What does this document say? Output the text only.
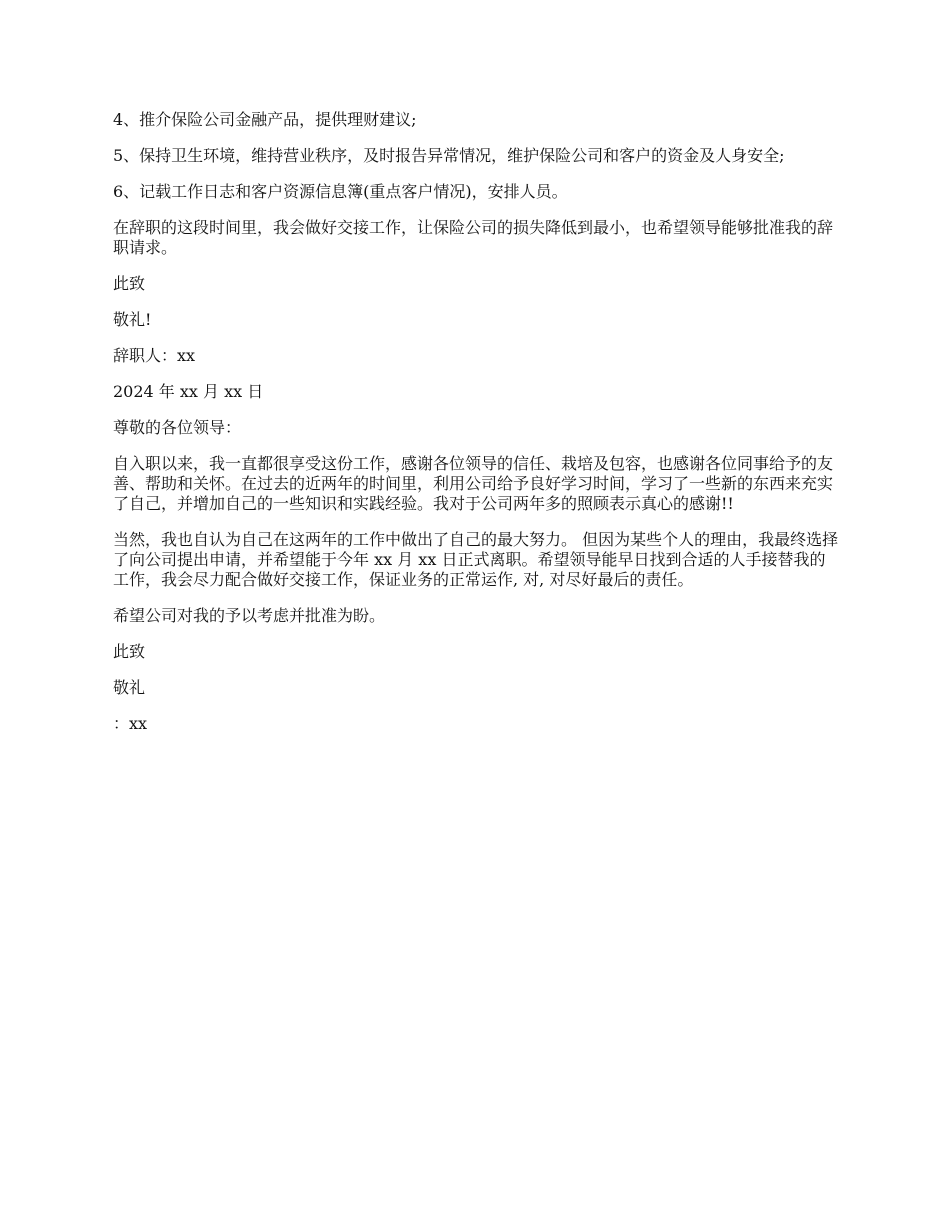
4、推介保险公司金融产品，提供理财建议;

5、保持卫生环境，维持营业秩序，及时报告异常情况，维护保险公司和客户的资金及人身安全;

6、记载工作日志和客户资源信息簿(重点客户情况)，安排人员。

在辞职的这段时间里，我会做好交接工作，让保险公司的损失降低到最小，也希望领导能够批准我的辞职请求。

此致

敬礼!

辞职人：xx

2024 年 xx 月 xx 日

尊敬的各位领导：

自入职以来，我一直都很享受这份工作，感谢各位领导的信任、栽培及包容，也感谢各位同事给予的友善、帮助和关怀。在过去的近两年的时间里，利用公司给予良好学习时间，学习了一些新的东西来充实了自己，并增加自己的一些知识和实践经验。我对于公司两年多的照顾表示真心的感谢!!

当然，我也自认为自己在这两年的工作中做出了自己的最大努力。 但因为某些个人的理由，我最终选择了向公司提出申请，并希望能于今年 xx 月 xx 日正式离职。希望领导能早日找到合适的人手接替我的工作，我会尽力配合做好交接工作，保证业务的正常运作, 对, 对尽好最后的责任。

希望公司对我的予以考虑并批准为盼。

此致

敬礼

：xx
